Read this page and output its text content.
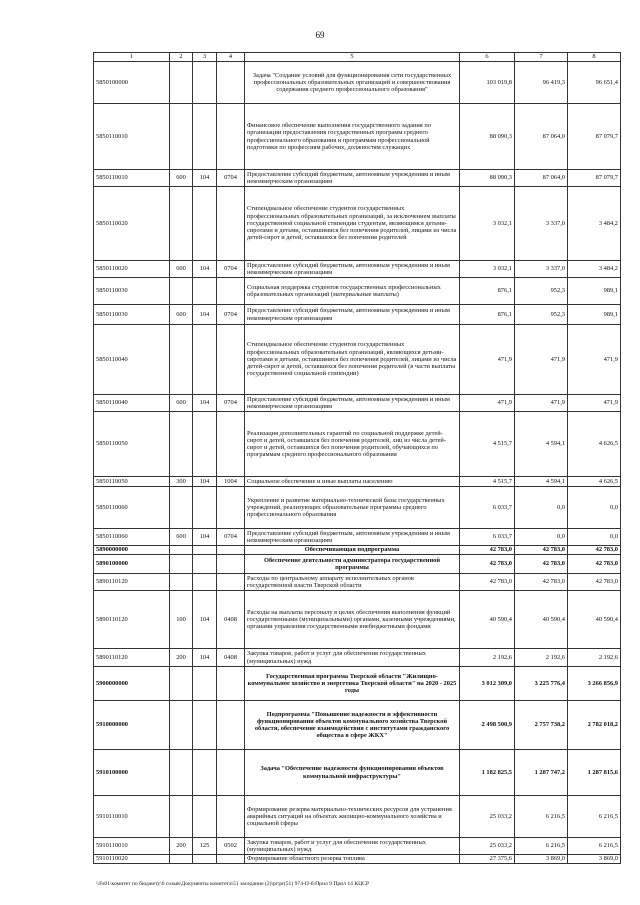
69
1	2	3	4	5	6	7	8
5850100000				Задача "Создание условий для функционирования сети государственных профессиональных образовательных организаций и совершенствования содержания среднего профессионального образования"	103 019,8	96 419,3	96 651,4
5850110010				Финансовое обеспечение выполнения государственного задания по организации предоставления государственных программ среднего профессионального образования и программам профессиональной подготовки по профессиям рабочих, должностям служащих	88 090,3	87 064,0	87 079,7
5850110010	600	104	0704	Предоставление субсидий бюджетным, автономным учреждениям и иным некоммерческим организациям	88 090,3	87 064,0	87 079,7
5850110020				Стипендиальное обеспечение студентов государственных профессиональных образовательных организаций, за исключением выплаты государственной социальной стипендии студентам, являющимся детьми-сиротами и детьми, оставшимися без попечения родителей, лицами из числа детей-сирот и детей, оставшихся без попечения родителей	3 032,1	3 337,0	3 484,2
5850110020	600	104	0704	Предоставление субсидий бюджетным, автономным учреждениям и иным некоммерческим организациям	3 032,1	3 337,0	3 484,2
5850110030				Социальная поддержка студентов государственных профессиональных образовательных организаций (материальные выплаты)	876,1	952,3	989,1
5850110030	600	104	0704	Предоставление субсидий бюджетным, автономным учреждениям и иным некоммерческим организациям	876,1	952,3	989,1
5850110040				Стипендиальное обеспечение студентов государственных профессиональных образовательных организаций, являющихся детьми-сиротами и детьми, оставшимися без попечения родителей, лицами из числа детей-сирот и детей, оставшихся без попечения родителей (в части выплаты государственной социальной стипендии)	471,9	471,9	471,9
5850110040	600	104	0704	Предоставление субсидий бюджетным, автономным учреждениям и иным некоммерческим организациям	471,9	471,9	471,9
5850110050				Реализация дополнительных гарантий по социальной поддержке детей-сирот и детей, оставшихся без попечения родителей, лиц из числа детей-сирот и детей, оставшихся без попечения родителей, обучающихся по программам среднего профессионального образования	4 515,7	4 594,1	4 626,5
5850110050	300	104	1004	Социальное обеспечение и иные выплаты населению	4 515,7	4 594,1	4 626,5
5850110060				Укрепление и развитие материально-технической базы государственных учреждений, реализующих образовательные программы среднего профессионального образования	6 033,7	0,0	0,0
5850110060	600	104	0704	Предоставление субсидий бюджетным, автономным учреждениям и иным некоммерческим организациям	6 033,7	0,0	0,0
5890000000				Обеспечивающая подпрограмма	42 783,0	42 783,0	42 783,0
5890100000				Обеспечение деятельности администратора государственной программы	42 783,0	42 783,0	42 783,0
5890110120				Расходы по центральному аппарату исполнительных органов государственной власти Тверской области	42 783,0	42 783,0	42 783,0
5890110120	100	104	0408	Расходы на выплаты персоналу в целях обеспечения выполнения функций государственными (муниципальными) органами, казенными учреждениями, органами управления государственными внебюджетными фондами	40 590,4	40 590,4	40 590,4
5890110120	200	104	0408	Закупка товаров, работ и услуг для обеспечения государственных (муниципальных) нужд	2 192,6	2 192,6	2 192,6
5900000000				Государственная программа Тверской области "Жилищно-коммунальное хозяйство и энергетика Тверской области" на 2020 - 2025 годы	3 012 309,0	3 225 776,4	3 266 856,9
5910000000				Подпрограмма "Повышение надежности и эффективности функционирования объектов коммунального хозяйства Тверской области, обеспечение взаимодействия с институтами гражданского общества в сфере ЖКХ"	2 498 500,9	2 757 738,2	2 782 018,2
5910100000				Задача "Обеспечение надежности функционирования объектов коммунальной инфраструктуры"	1 182 825,5	1 287 747,2	1 287 815,6
5910110010				Формирование резерва материально-технических ресурсов для устранения аварийных ситуаций на объектах жилищно-коммунального хозяйства и социальной сферы	25 033,2	6 216,5	6 216,5
5910110010	200	125	0502	Закупка товаров, работ и услуг для обеспечения государственных (муниципальных) нужд	25 033,2	6 216,5	6 216,5
5910110020				Формирование областного резерва топлива	27 375,6	3 869,0	3 869,0
\\Fs01\комитет по бюджету\6 созыв\Документы комитета\51 заседание (2)\pr\pr(51) 974-П-6\Прил 9 Прил 14 КЦСР
